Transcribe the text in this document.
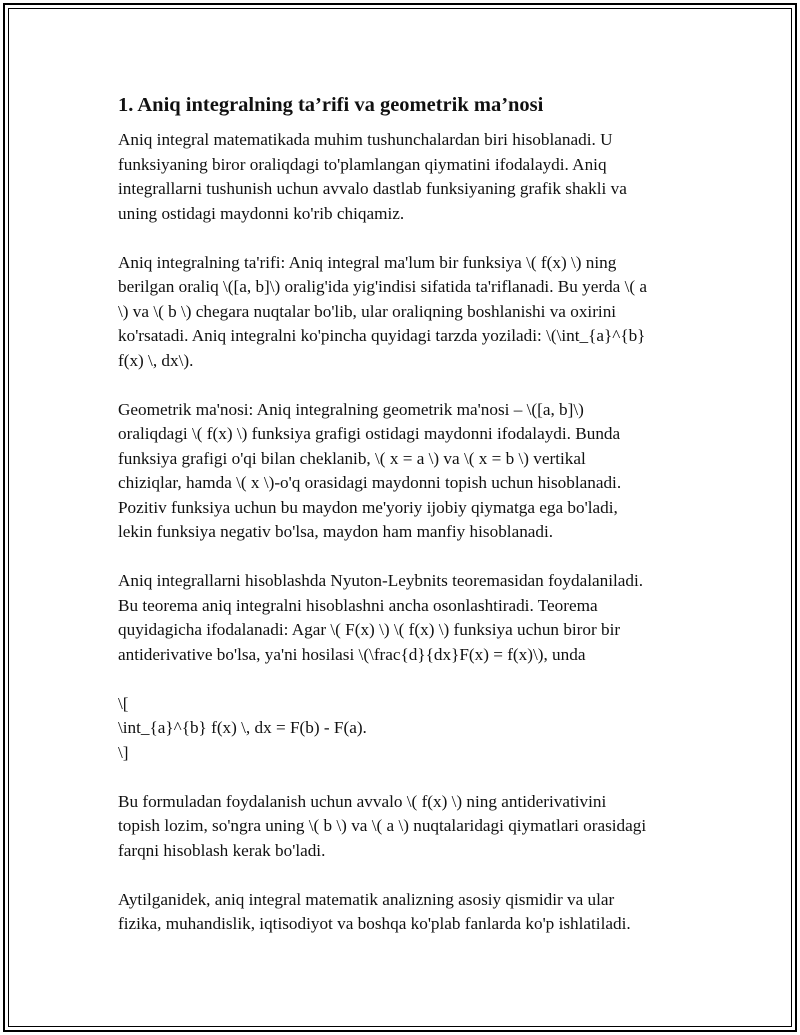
1. Aniq integralning ta’rifi va geometrik ma’nosi
Aniq integral matematikada muhim tushunchalardan biri hisoblanadi. U
funksiyaning biror oraliqdagi to'plamlangan qiymatini ifodalaydi. Aniq
integrallarni tushunish uchun avvalo dastlab funksiyaning grafik shakli va
uning ostidagi maydonni ko'rib chiqamiz.
Aniq integralning ta'rifi: Aniq integral ma'lum bir funksiya \( f(x) \) ning
berilgan oraliq \([a, b]\) oralig'ida yig'indisi sifatida ta'riflanadi. Bu yerda \( a
\) va \( b \) chegara nuqtalar bo'lib, ular oraliqning boshlanishi va oxirini
ko'rsatadi. Aniq integralni ko'pincha quyidagi tarzda yoziladi: \(\int_{a}^{b}
f(x) \, dx\).
Geometrik ma'nosi: Aniq integralning geometrik ma'nosi – \([a, b]\)
oraliqdagi \( f(x) \) funksiya grafigi ostidagi maydonni ifodalaydi. Bunda
funksiya grafigi o'qi bilan cheklanib, \( x = a \) va \( x = b \) vertikal
chiziqlar, hamda \( x \)-o'q orasidagi maydonni topish uchun hisoblanadi.
Pozitiv funksiya uchun bu maydon me'yoriy ijobiy qiymatga ega bo'ladi,
lekin funksiya negativ bo'lsa, maydon ham manfiy hisoblanadi.
Aniq integrallarni hisoblashda Nyuton-Leybnits teoremasidan foydalaniladi.
Bu teorema aniq integralni hisoblashni ancha osonlashtiradi. Teorema
quyidagicha ifodalanadi: Agar \( F(x) \) \( f(x) \) funksiya uchun biror bir
antiderivative bo'lsa, ya'ni hosilasi \(\frac{d}{dx}F(x) = f(x)\), unda
\[
\int_{a}^{b} f(x) \, dx = F(b) - F(a).
\]
Bu formuladan foydalanish uchun avvalo \( f(x) \) ning antiderivativini
topish lozim, so'ngra uning \( b \) va \( a \) nuqtalaridagi qiymatlari orasidagi
farqni hisoblash kerak bo'ladi.
Aytilganidek, aniq integral matematik analizning asosiy qismidir va ular
fizika, muhandislik, iqtisodiyot va boshqa ko'plab fanlarda ko'p ishlatiladi.
